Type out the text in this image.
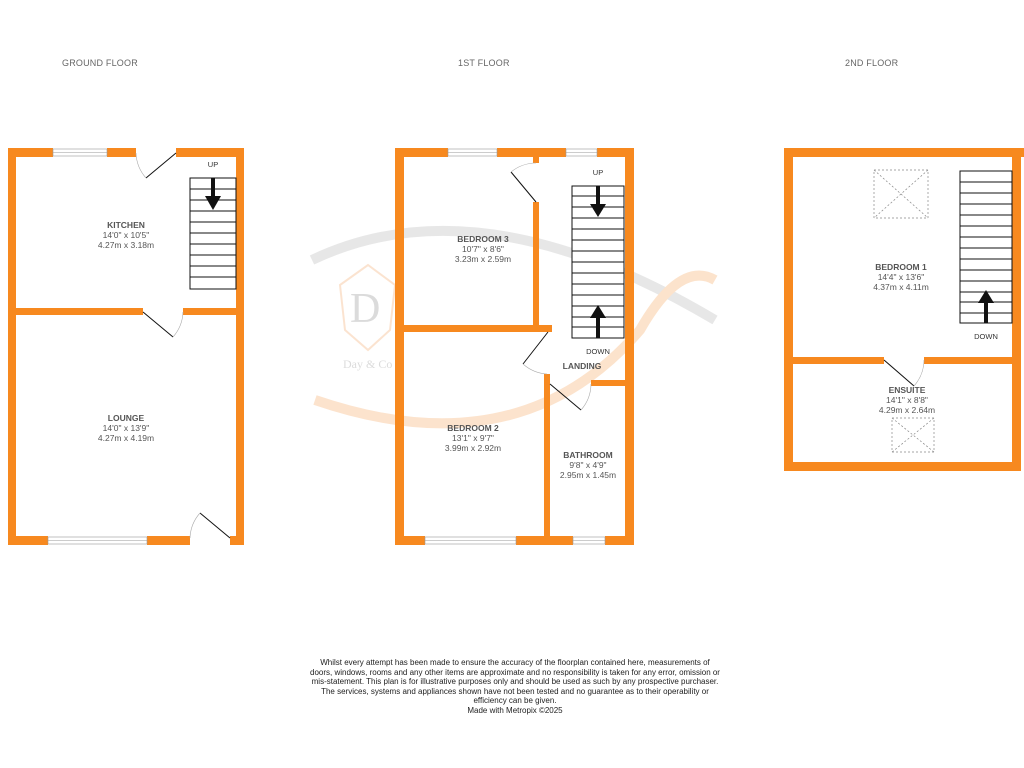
GROUND FLOOR	1ST FLOOR	2ND FLOOR
D
Day & Co
KITCHEN
14'0" x 10'5"
4.27m x 3.18m
LOUNGE
14'0" x 13'9"
4.27m x 4.19m
UP
BEDROOM 3
10'7" x 8'6"
3.23m x 2.59m
BEDROOM 2
13'1" x 9'7"
3.99m x 2.92m
BATHROOM
9'8" x 4'9"
2.95m x 1.45m
LANDING
UP
DOWN
BEDROOM 1
14'4" x 13'6"
4.37m x 4.11m
ENSUITE
14'1" x 8'8"
4.29m x 2.64m
DOWN
Whilst every attempt has been made to ensure the accuracy of the floorplan contained here, measurements of doors, windows, rooms and any other items are approximate and no responsibility is taken for any error, omission or mis-statement. This plan is for illustrative purposes only and should be used as such by any prospective purchaser. The services, systems and appliances shown have not been tested and no guarantee as to their operability or efficiency can be given.
Made with Metropix ©2025
